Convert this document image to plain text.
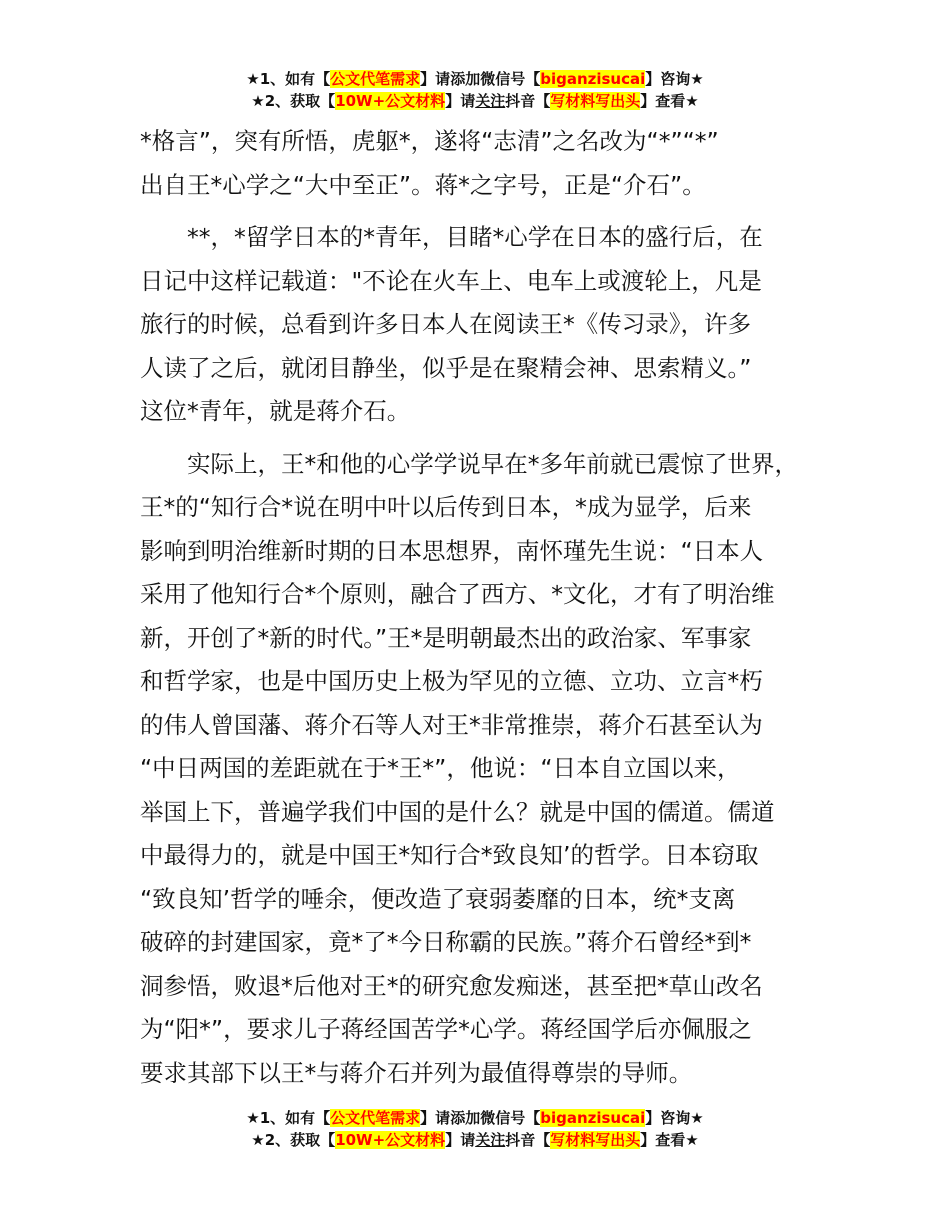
★1、如有【公文代笔需求】请添加微信号【biganzisucai】咨询★
★2、获取【10W+公文材料】请关注抖音【写材料写出头】查看★
*格言”，突有所悟，虎躯*，遂将“志清”之名改为“*”“*”
出自王*心学之“大中至正”。蒋*之字号，正是“介石”。
**，*留学日本的*青年，目睹*心学在日本的盛行后，在
日记中这样记载道："不论在火车上、电车上或渡轮上，凡是
旅行的时候，总看到许多日本人在阅读王*《传习录》，许多
人读了之后，就闭目静坐，似乎是在聚精会神、思索精义。”
这位*青年，就是蒋介石。
实际上，王*和他的心学学说早在*多年前就已震惊了世界，
王*的“知行合*说在明中叶以后传到日本，*成为显学，后来
影响到明治维新时期的日本思想界，南怀瑾先生说：“日本人
采用了他知行合*个原则，融合了西方、*文化，才有了明治维
新，开创了*新的时代。”王*是明朝最杰出的政治家、军事家
和哲学家，也是中国历史上极为罕见的立德、立功、立言*朽
的伟人曾国藩、蒋介石等人对王*非常推崇，蒋介石甚至认为
“中日两国的差距就在于*王*”，他说：“日本自立国以来，
举国上下，普遍学我们中国的是什么？就是中国的儒道。儒道
中最得力的，就是中国王*知行合*致良知’的哲学。日本窃取
“致良知’哲学的唾余，便改造了衰弱萎靡的日本，统*支离
破碎的封建国家，竟*了*今日称霸的民族。”蒋介石曾经*到*
洞参悟，败退*后他对王*的研究愈发痴迷，甚至把*草山改名
为“阳*”，要求儿子蒋经国苦学*心学。蒋经国学后亦佩服之
要求其部下以王*与蒋介石并列为最值得尊崇的导师。
★1、如有【公文代笔需求】请添加微信号【biganzisucai】咨询★
★2、获取【10W+公文材料】请关注抖音【写材料写出头】查看★
